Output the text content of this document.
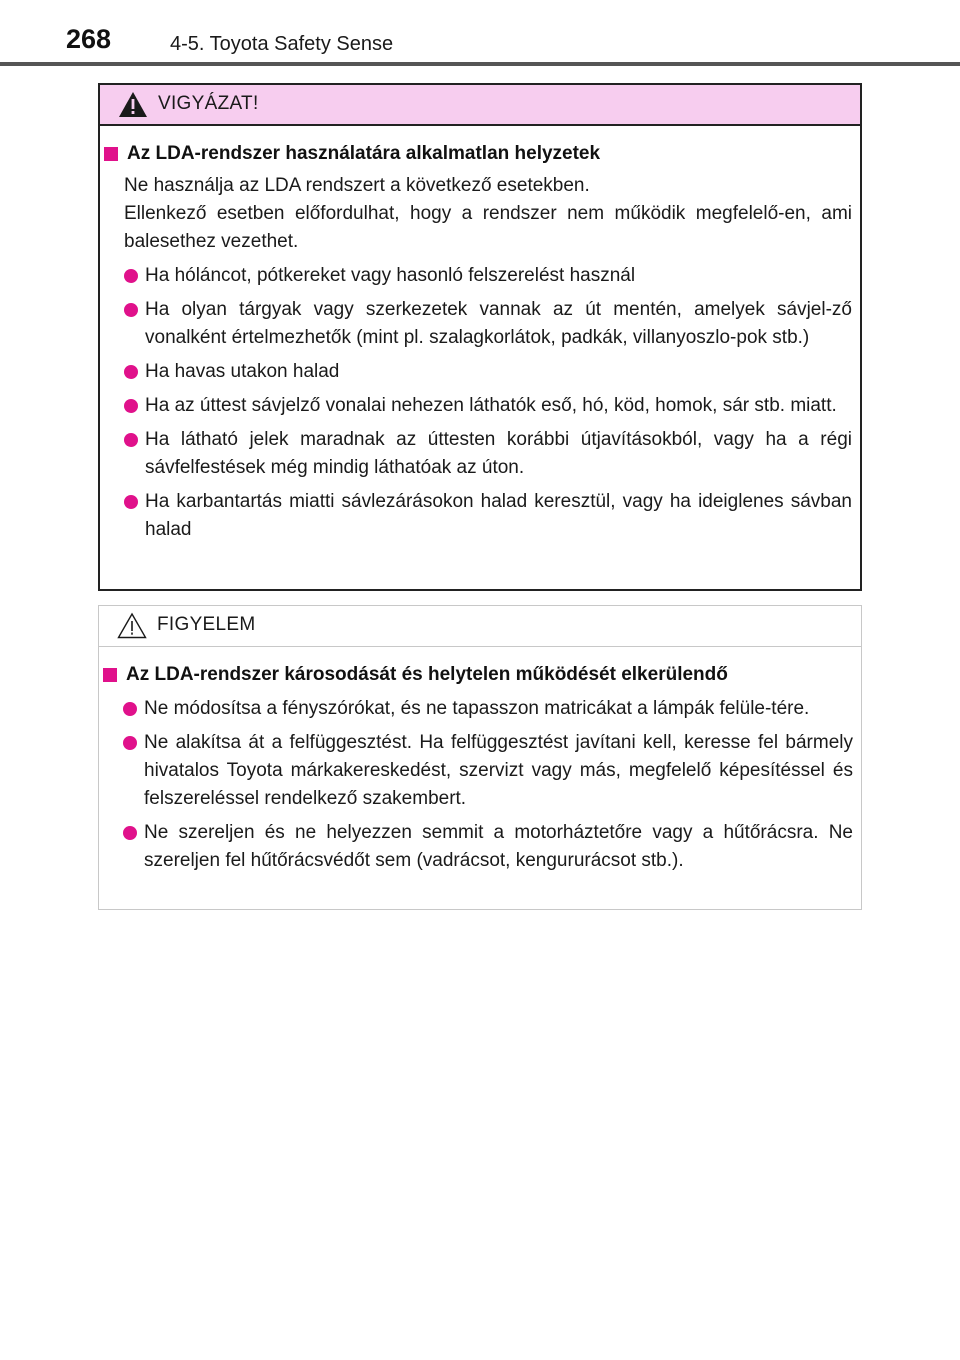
268	4-5. Toyota Safety Sense
VIGYÁZAT!
Az LDA-rendszer használatára alkalmatlan helyzetek
Ne használja az LDA rendszert a következő esetekben.
Ellenkező esetben előfordulhat, hogy a rendszer nem működik megfelelő-en, ami balesethez vezethet.
Ha hóláncot, pótkereket vagy hasonló felszerelést használ
Ha olyan tárgyak vagy szerkezetek vannak az út mentén, amelyek sávjel-ző vonalként értelmezhetők (mint pl. szalagkorlátok, padkák, villanyoszlo-pok stb.)
Ha havas utakon halad
Ha az úttest sávjelző vonalai nehezen láthatók eső, hó, köd, homok, sár stb. miatt.
Ha látható jelek maradnak az úttesten korábbi útjavításokból, vagy ha a régi sávfelfestések még mindig láthatóak az úton.
Ha karbantartás miatti sávlezárásokon halad keresztül, vagy ha ideiglenes sávban halad
FIGYELEM
Az LDA-rendszer károsodását és helytelen működését elkerülendő
Ne módosítsa a fényszórókat, és ne tapasszon matricákat a lámpák felüle-tére.
Ne alakítsa át a felfüggesztést. Ha felfüggesztést javítani kell, keresse fel bármely hivatalos Toyota márkakereskedést, szervizt vagy más, megfelelő képesítéssel és felszereléssel rendelkező szakembert.
Ne szereljen és ne helyezzen semmit a motorháztetőre vagy a hűtőrácsra. Ne szereljen fel hűtőrácsvédőt sem (vadrácsot, kengururácsot stb.).
